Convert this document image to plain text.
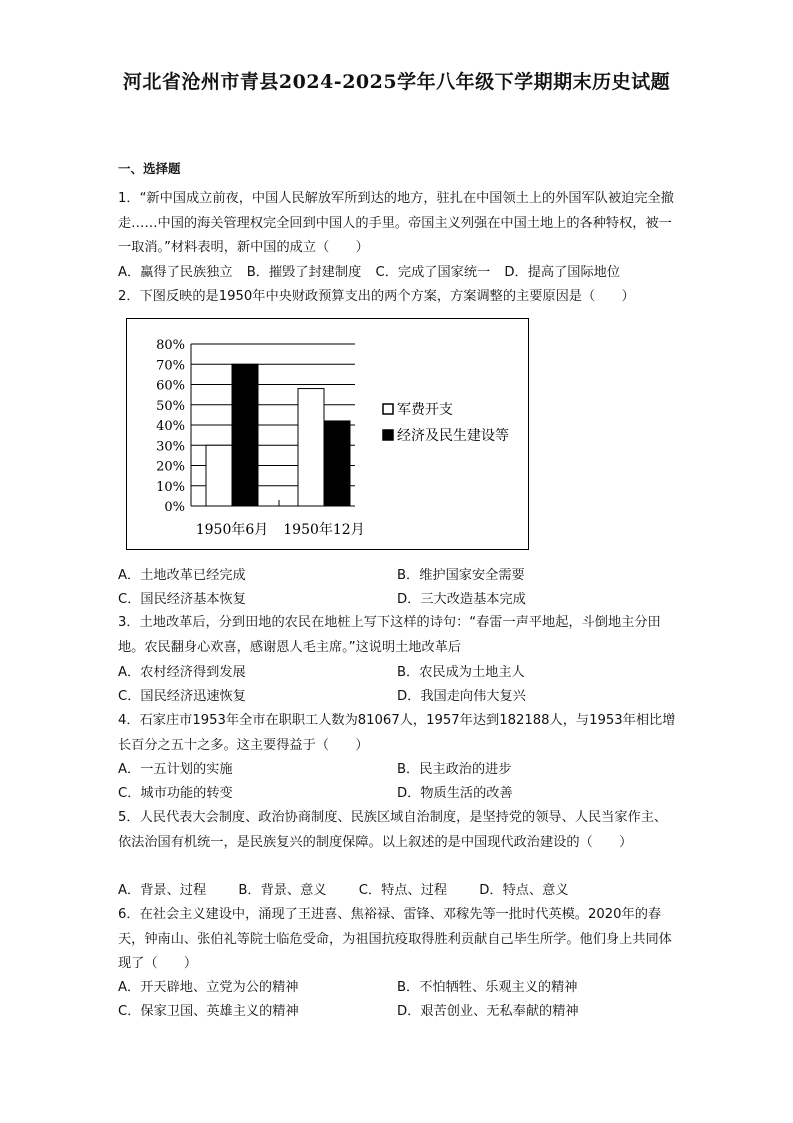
河北省沧州市青县2024-2025学年八年级下学期期末历史试题
一、选择题

1．“新中国成立前夜，中国人民解放军所到达的地方，驻扎在中国领土上的外国军队被迫完全撤走……中国的海关管理权完全回到中国人的手里。帝国主义列强在中国土地上的各种特权，被一一取消。”材料表明，新中国的成立（　　）

A．赢得了民族独立 B．摧毁了封建制度 C．完成了国家统一 D．提高了国际地位

2．下图反映的是1950年中央财政预算支出的两个方案，方案调整的主要原因是（　　）

0%
10%
20%
30%
40%
50%
60%
70%
80%
1950年6月 1950年12月
军费开支
经济及民生建设等
A．土地改革已经完成	B．维护国家安全需要
C．国民经济基本恢复	D．三大改造基本完成

3．土地改革后，分到田地的农民在地桩上写下这样的诗句：“春雷一声平地起，斗倒地主分田地。农民翻身心欢喜，感谢恩人毛主席。”这说明土地改革后

A．农村经济得到发展	B．农民成为土地主人
C．国民经济迅速恢复	D．我国走向伟大复兴

4．石家庄市1953年全市在职职工人数为81067人，1957年达到182188人，与1953年相比增长百分之五十之多。这主要得益于（　　）

A．一五计划的实施	B．民主政治的进步
C．城市功能的转变	D．物质生活的改善

5．人民代表大会制度、政治协商制度、民族区域自治制度，是坚持党的领导、人民当家作主、依法治国有机统一，是民族复兴的制度保障。以上叙述的是中国现代政治建设的（　　）

A．背景、过程 B．背景、意义 C．特点、过程 D．特点、意义

6．在社会主义建设中，涌现了王进喜、焦裕禄、雷锋、邓稼先等一批时代英模。2020年的春天，钟南山、张伯礼等院士临危受命，为祖国抗疫取得胜利贡献自己毕生所学。他们身上共同体现了（　　）

A．开天辟地、立党为公的精神	B．不怕牺牲、乐观主义的精神
C．保家卫国、英雄主义的精神	D．艰苦创业、无私奉献的精神
